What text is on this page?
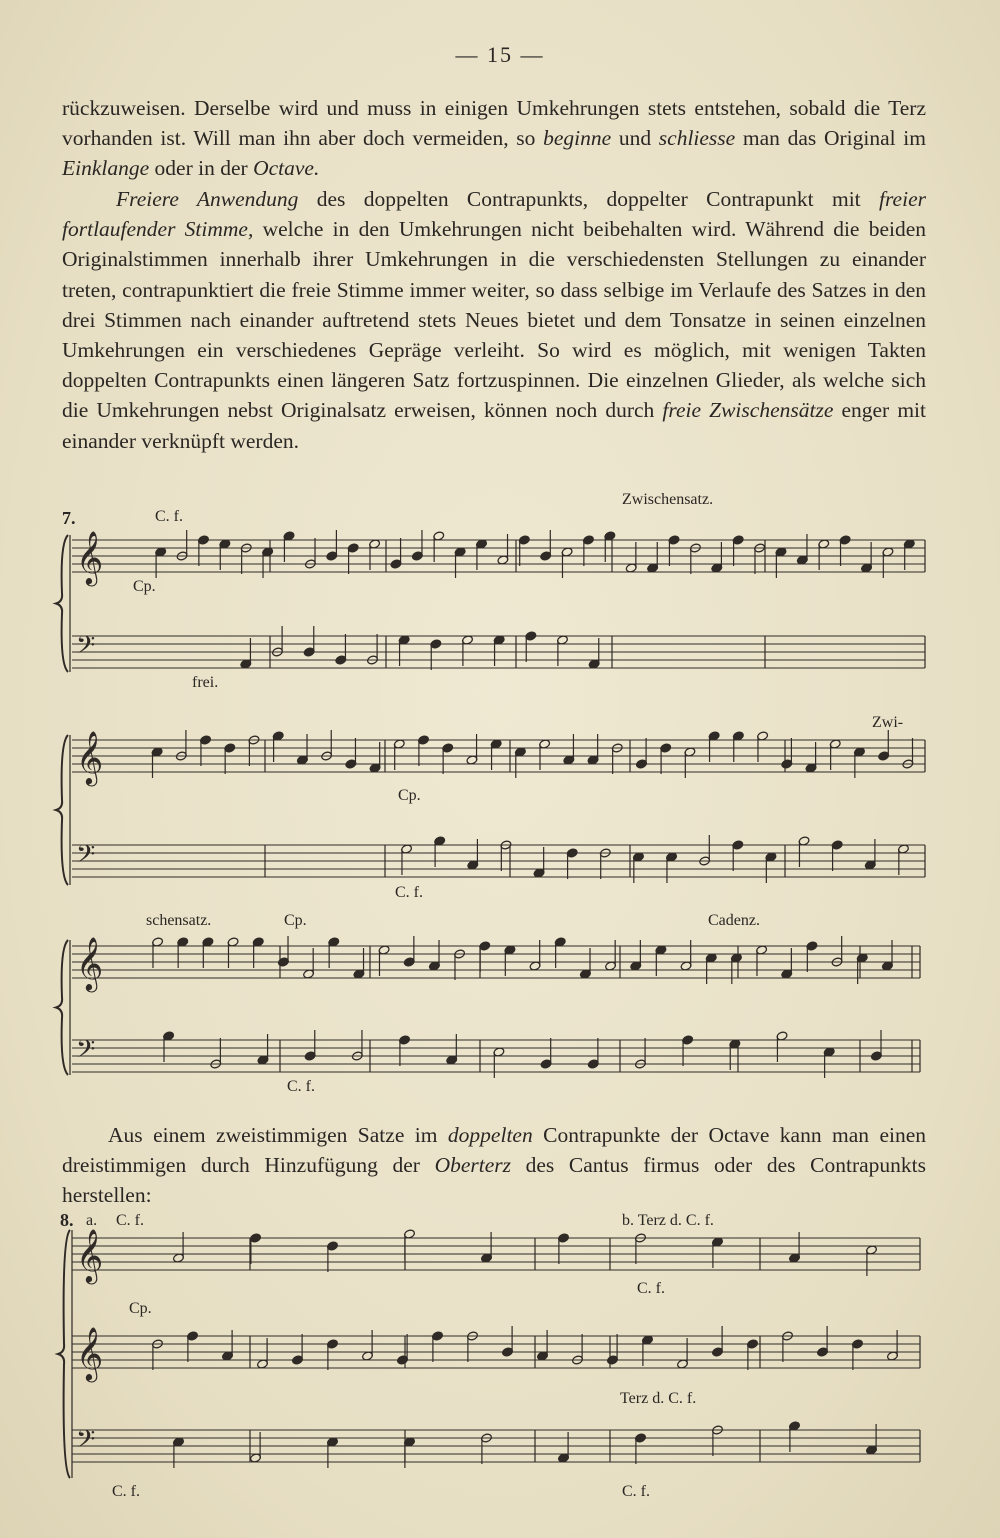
— 15 —
rückzuweisen. Derselbe wird und muss in einigen Umkehrungen stets entstehen, sobald die Terz vorhanden ist. Will man ihn aber doch vermeiden, so beginne und schliesse man das Original im Einklange oder in der Octave.
Freiere Anwendung des doppelten Contrapunkts, doppelter Contrapunkt mit freier fortlaufender Stimme, welche in den Umkehrungen nicht beibehalten wird. Während die beiden Originalstimmen innerhalb ihrer Umkehrungen in die verschiedensten Stellungen zu einander treten, contrapunktiert die freie Stimme immer weiter, so dass selbige im Verlaufe des Satzes in den drei Stimmen nach einander auftretend stets Neues bietet und dem Tonsatze in seinen einzelnen Umkehrungen ein verschiedenes Gepräge verleiht. So wird es möglich, mit wenigen Takten doppelten Contrapunkts einen längeren Satz fortzuspinnen. Die einzelnen Glieder, als welche sich die Umkehrungen nebst Originalsatz erweisen, können noch durch freie Zwischensätze enger mit einander verknüpft werden.
7.	C. f.
Zwischensatz.
Cp.
frei.
Zwi-
Cp.
C. f.
schensatz.	Cp.	Cadenz.
C. f.
Aus einem zweistimmigen Satze im doppelten Contrapunkte der Octave kann man einen dreistimmigen durch Hinzufügung der Oberterz des Cantus firmus oder des Contrapunkts herstellen:
8. a. C. f.	b. Terz d. C. f.
C. f.
Cp.
Terz d. C. f.
C. f.	C. f.
𝄞
𝄢
𝄞
𝄢
𝄞
𝄢
𝄞
𝄞
𝄢
